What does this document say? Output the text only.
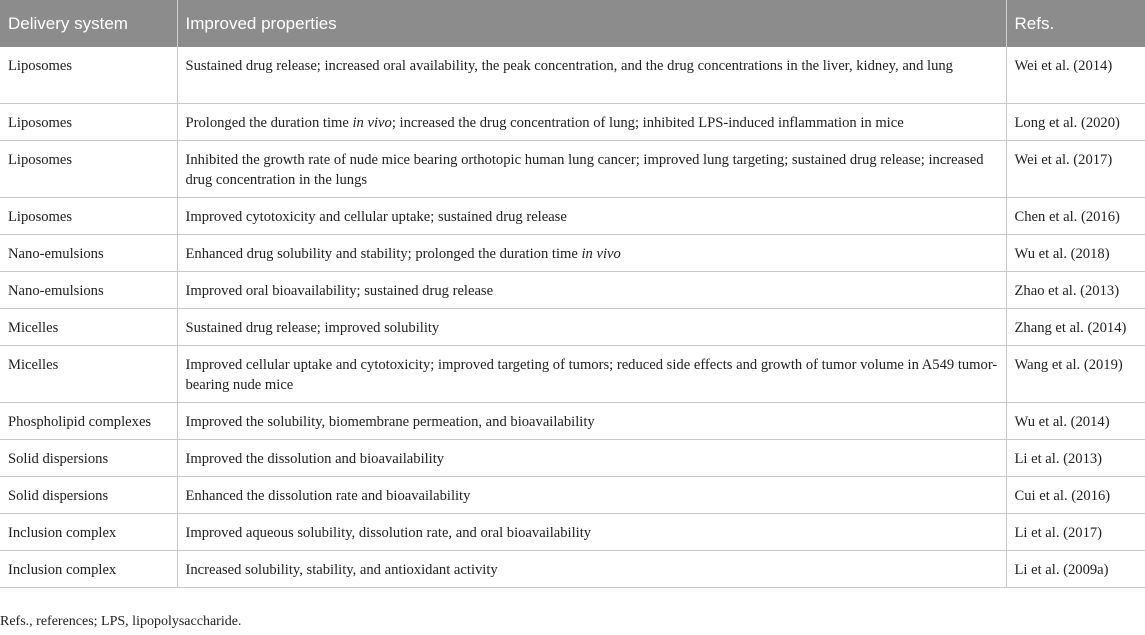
Delivery system	Improved properties	Refs.
Liposomes	Sustained drug release; increased oral availability, the peak concentration, and the drug concentrations in the liver, kidney, and lung	Wei et al. (2014)
Liposomes	Prolonged the duration time in vivo; increased the drug concentration of lung; inhibited LPS-induced inflammation in mice	Long et al. (2020)
Liposomes	Inhibited the growth rate of nude mice bearing orthotopic human lung cancer; improved lung targeting; sustained drug release; increased drug concentration in the lungs	Wei et al. (2017)
Liposomes	Improved cytotoxicity and cellular uptake; sustained drug release	Chen et al. (2016)
Nano-emulsions	Enhanced drug solubility and stability; prolonged the duration time in vivo	Wu et al. (2018)
Nano-emulsions	Improved oral bioavailability; sustained drug release	Zhao et al. (2013)
Micelles	Sustained drug release; improved solubility	Zhang et al. (2014)
Micelles	Improved cellular uptake and cytotoxicity; improved targeting of tumors; reduced side effects and growth of tumor volume in A549 tumor-bearing nude mice	Wang et al. (2019)
Phospholipid complexes	Improved the solubility, biomembrane permeation, and bioavailability	Wu et al. (2014)
Solid dispersions	Improved the dissolution and bioavailability	Li et al. (2013)
Solid dispersions	Enhanced the dissolution rate and bioavailability	Cui et al. (2016)
Inclusion complex	Improved aqueous solubility, dissolution rate, and oral bioavailability	Li et al. (2017)
Inclusion complex	Increased solubility, stability, and antioxidant activity	Li et al. (2009a)
Refs., references; LPS, lipopolysaccharide.
